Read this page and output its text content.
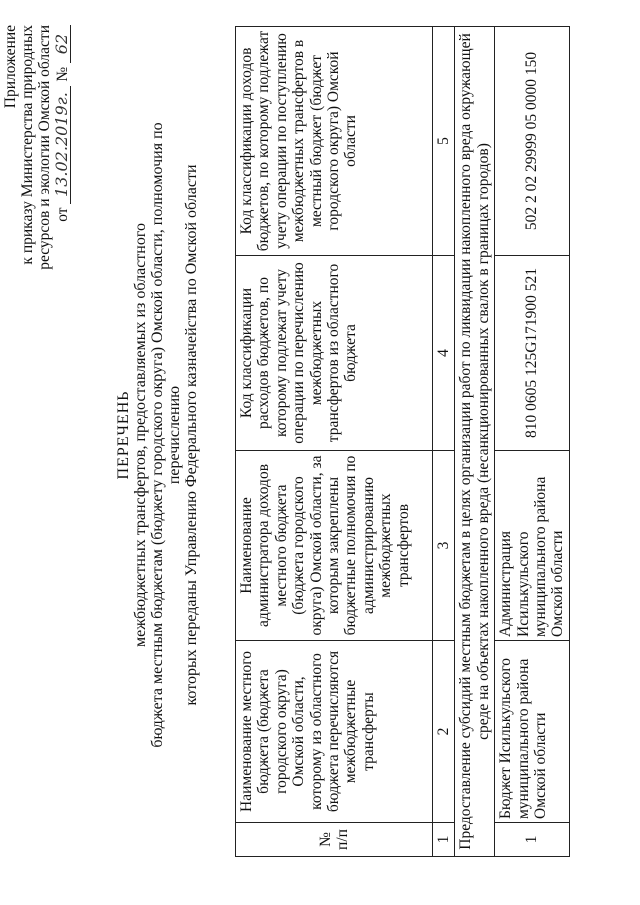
Приложение к приказу Министерства природных ресурсов и экологии Омской области от 13.02.2019г. № 62
ПЕРЕЧЕНЬ межбюджетных трансфертов, предоставляемых из областного бюджета местным бюджетам (бюджету городского округа) Омской области, полномочия по перечислению которых переданы Управлению Федерального казначейства по Омской области
№ п/п	Наименование местного бюджета (бюджета городского округа) Омской области, которому из областного бюджета перечисляются межбюджетные трансферты	Наименование администратора доходов местного бюджета (бюджета городского округа) Омской области, за которым закреплены бюджетные полномочия по администрированию межбюджетных трансфертов	Код классификации расходов бюджетов, по которому подлежат учету операции по перечислению межбюджетных трансфертов из областного бюджета	Код классификации доходов бюджетов, по которому подлежат учету операции по поступлению межбюджетных трансфертов в местный бюджет (бюджет городского округа) Омской области
1	2	3	4	5
Предоставление субсидий местным бюджетам в целях организации работ по ликвидации накопленного вреда окружающей среде на объектах накопленного вреда (несанкционированных свалок в границах городов)				
1	Бюджет Исилькульского муниципального района Омской области	Администрация Исилькульского муниципального района Омской области	810 0605 125G171900 521	502 2 02 29999 05 0000 150
